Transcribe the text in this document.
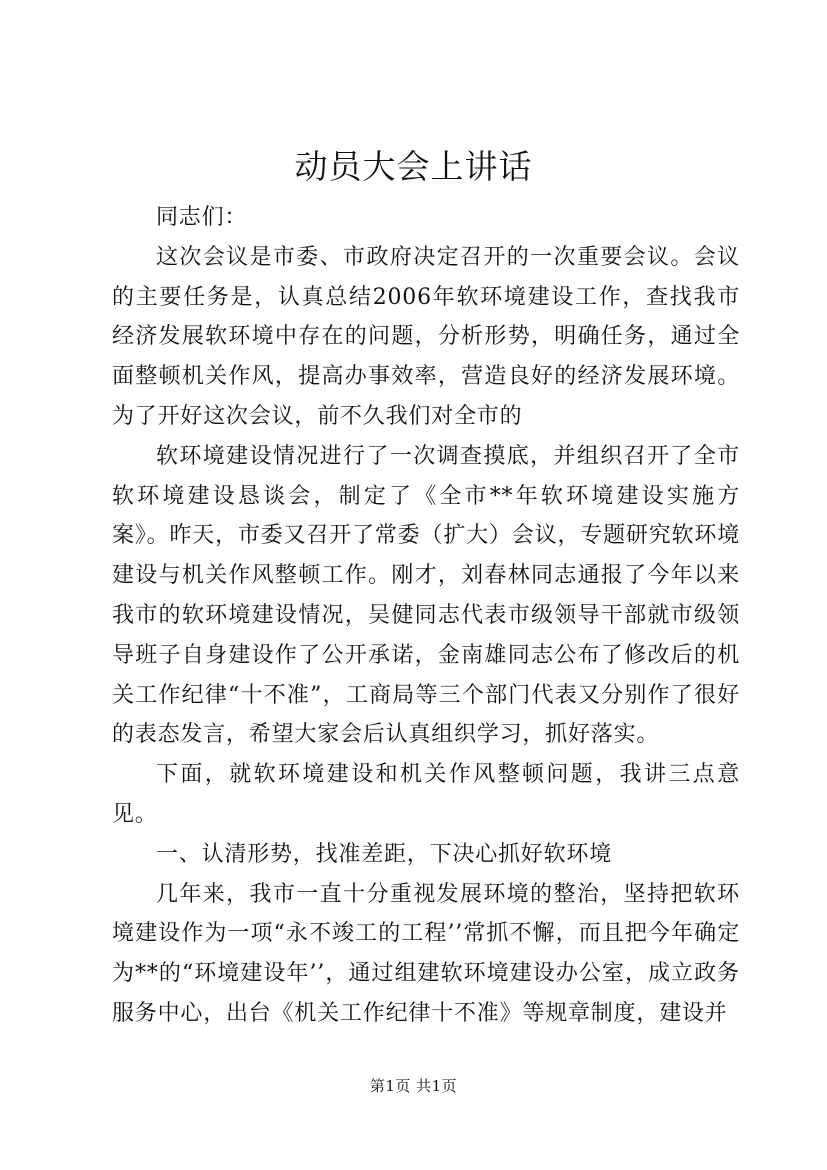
动员大会上讲话

同志们：

这次会议是市委、市政府决定召开的一次重要会议。会议的主要任务是，认真总结2006年软环境建设工作，查找我市经济发展软环境中存在的问题，分析形势，明确任务，通过全面整顿机关作风，提高办事效率，营造良好的经济发展环境。为了开好这次会议，前不久我们对全市的

软环境建设情况进行了一次调查摸底，并组织召开了全市软环境建设恳谈会，制定了《全市**年软环境建设实施方案》。昨天，市委又召开了常委（扩大）会议，专题研究软环境建设与机关作风整顿工作。刚才，刘春林同志通报了今年以来我市的软环境建设情况，吴健同志代表市级领导干部就市级领导班子自身建设作了公开承诺，金南雄同志公布了修改后的机关工作纪律“十不准”，工商局等三个部门代表又分别作了很好的表态发言，希望大家会后认真组织学习，抓好落实。

下面，就软环境建设和机关作风整顿问题，我讲三点意见。

一、认清形势，找准差距，下决心抓好软环境

几年来，我市一直十分重视发展环境的整治，坚持把软环境建设作为一项“永不竣工的工程’’常抓不懈，而且把今年确定为**的“环境建设年’’，通过组建软环境建设办公室，成立政务服务中心，出台《机关工作纪律十不准》等规章制度，建设并

第1页 共1页
